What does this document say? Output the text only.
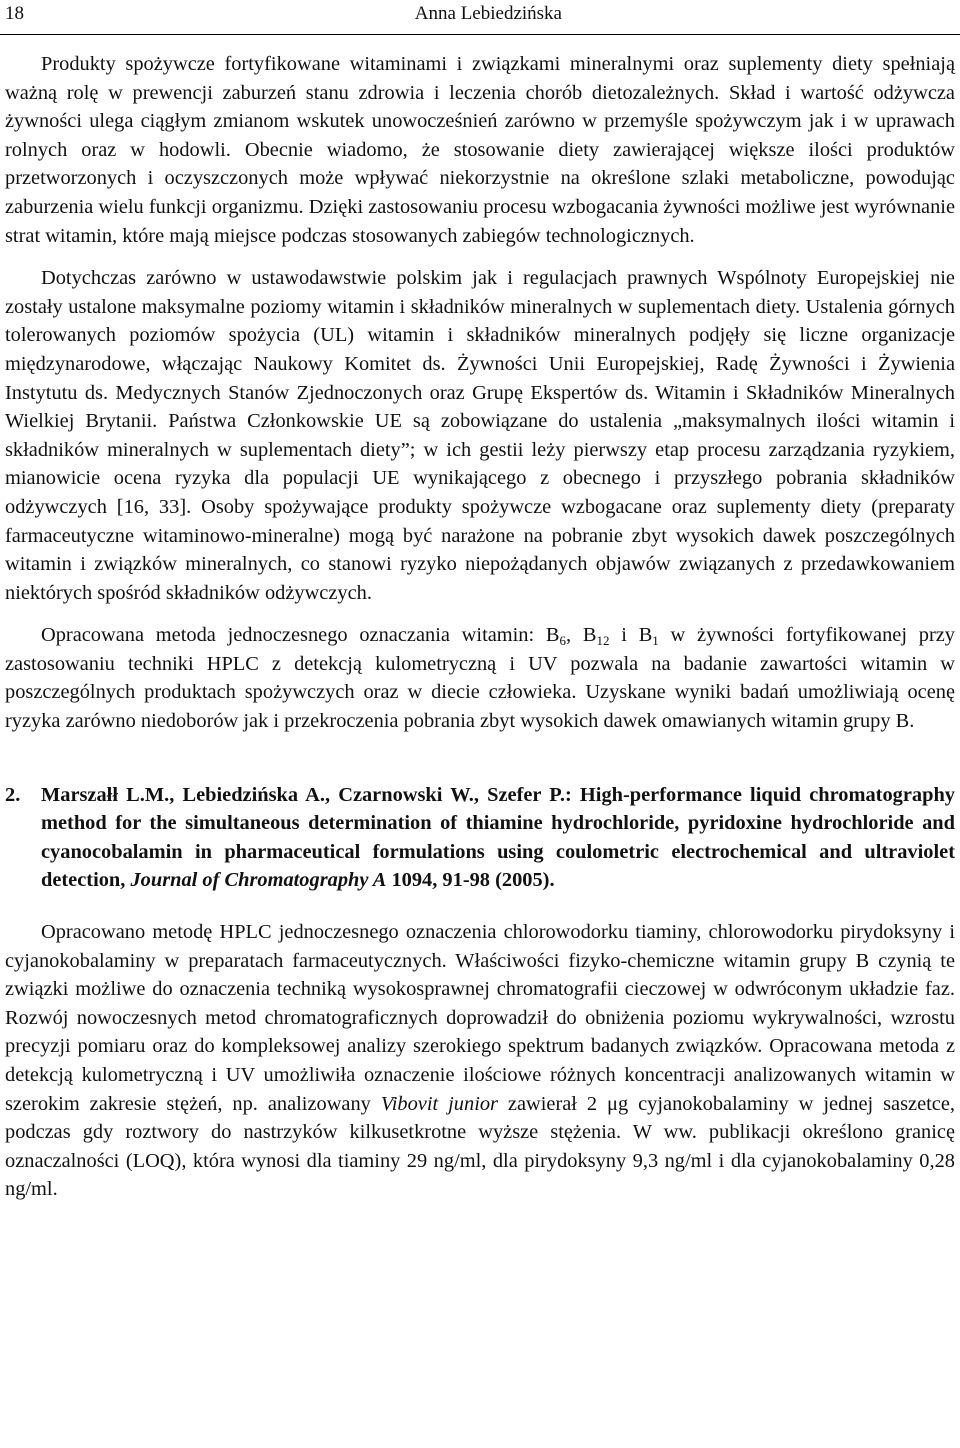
18	Anna Lebiedzińska

Produkty spożywcze fortyfikowane witaminami i związkami mineralnymi oraz suplementy diety spełniają ważną rolę w prewencji zaburzeń stanu zdrowia i leczenia chorób dietozależnych. Skład i wartość odżywcza żywności ulega ciągłym zmianom wskutek unowocześnień zarówno w przemyśle spożywczym jak i w uprawach rolnych oraz w hodowli. Obecnie wiadomo, że stosowanie diety zawierającej większe ilości produktów przetworzonych i oczyszczonych może wpływać niekorzystnie na określone szlaki metaboliczne, powodując zaburzenia wielu funkcji organizmu. Dzięki zastosowaniu procesu wzbogacania żywności możliwe jest wyrównanie strat witamin, które mają miejsce podczas stosowanych zabiegów technologicznych.

Dotychczas zarówno w ustawodawstwie polskim jak i regulacjach prawnych Wspólnoty Europejskiej nie zostały ustalone maksymalne poziomy witamin i składników mineralnych w suplementach diety. Ustalenia górnych tolerowanych poziomów spożycia (UL) witamin i składników mineralnych podjęły się liczne organizacje międzynarodowe, włączając Naukowy Komitet ds. Żywności Unii Europejskiej, Radę Żywności i Żywienia Instytutu ds. Medycznych Stanów Zjednoczonych oraz Grupę Ekspertów ds. Witamin i Składników Mineralnych Wielkiej Brytanii. Państwa Członkowskie UE są zobowiązane do ustalenia „maksymalnych ilości witamin i składników mineralnych w suplementach diety”; w ich gestii leży pierwszy etap procesu zarządzania ryzykiem, mianowicie ocena ryzyka dla populacji UE wynikającego z obecnego i przyszłego pobrania składników odżywczych [16, 33]. Osoby spożywające produkty spożywcze wzbogacane oraz suplementy diety (preparaty farmaceutyczne witaminowo-mineralne) mogą być narażone na pobranie zbyt wysokich dawek poszczególnych witamin i związków mineralnych, co stanowi ryzyko niepożądanych objawów związanych z przedawkowaniem niektórych spośród składników odżywczych.

Opracowana metoda jednoczesnego oznaczania witamin: $B_6$, $B_{12}$ i $B_1$ w żywności fortyfikowanej przy zastosowaniu techniki HPLC z detekcją kulometryczną i UV pozwala na badanie zawartości witamin w poszczególnych produktach spożywczych oraz w diecie człowieka. Uzyskane wyniki badań umożliwiają ocenę ryzyka zarówno niedoborów jak i przekroczenia pobrania zbyt wysokich dawek omawianych witamin grupy B.

2.	Marszałł L.M., Lebiedzińska A., Czarnowski W., Szefer P.: High-performance liquid chromatography method for the simultaneous determination of thiamine hydrochloride, pyridoxine hydrochloride and cyanocobalamin in pharmaceutical formulations using coulometric electrochemical and ultraviolet detection, Journal of Chromatography A 1094, 91-98 (2005).

Opracowano metodę HPLC jednoczesnego oznaczenia chlorowodorku tiaminy, chlorowodorku pirydoksyny i cyjanokobalaminy w preparatach farmaceutycznych. Właściwości fizyko-chemiczne witamin grupy B czynią te związki możliwe do oznaczenia techniką wysokosprawnej chromatografii cieczowej w odwróconym układzie faz. Rozwój nowoczesnych metod chromatograficznych doprowadził do obniżenia poziomu wykrywalności, wzrostu precyzji pomiaru oraz do kompleksowej analizy szerokiego spektrum badanych związków. Opracowana metoda z detekcją kulometryczną i UV umożliwiła oznaczenie ilościowe różnych koncentracji analizowanych witamin w szerokim zakresie stężeń, np. analizowany Vibovit junior zawierał 2 μg cyjanokobalaminy w jednej saszetce, podczas gdy roztwory do nastrzyków kilkusetkrotne wyższe stężenia. W ww. publikacji określono granicę oznaczalności (LOQ), która wynosi dla tiaminy 29 ng/ml, dla pirydoksyny 9,3 ng/ml i dla cyjanokobalaminy 0,28 ng/ml.
